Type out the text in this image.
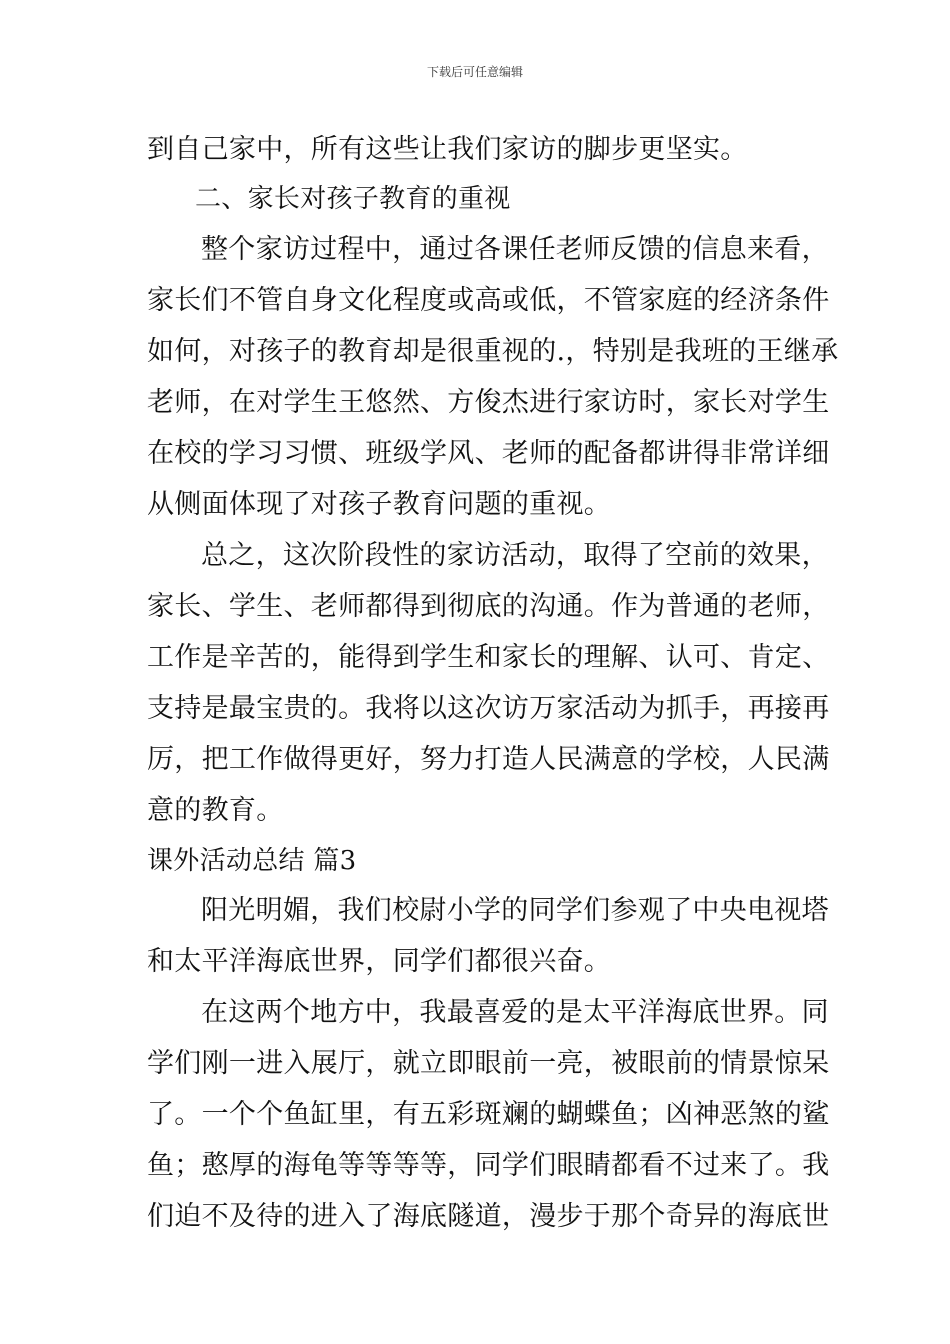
下载后可任意编辑
到自己家中，所有这些让我们家访的脚步更坚实。
二、家长对孩子教育的重视
整个家访过程中，通过各课任老师反馈的信息来看，
家长们不管自身文化程度或高或低，不管家庭的经济条件
如何，对孩子的教育却是很重视的.，特别是我班的王继承
老师，在对学生王悠然、方俊杰进行家访时，家长对学生
在校的学习习惯、班级学风、老师的配备都讲得非常详细
从侧面体现了对孩子教育问题的重视。
总之，这次阶段性的家访活动，取得了空前的效果，
家长、学生、老师都得到彻底的沟通。作为普通的老师，
工作是辛苦的，能得到学生和家长的理解、认可、肯定、
支持是最宝贵的。我将以这次访万家活动为抓手，再接再
厉，把工作做得更好，努力打造人民满意的学校，人民满
意的教育。
课外活动总结 篇3
阳光明媚，我们校尉小学的同学们参观了中央电视塔
和太平洋海底世界，同学们都很兴奋。
在这两个地方中，我最喜爱的是太平洋海底世界。同
学们刚一进入展厅，就立即眼前一亮，被眼前的情景惊呆
了。一个个鱼缸里，有五彩斑斓的蝴蝶鱼；凶神恶煞的鲨
鱼；憨厚的海龟等等等等，同学们眼睛都看不过来了。我
们迫不及待的进入了海底隧道，漫步于那个奇异的海底世
